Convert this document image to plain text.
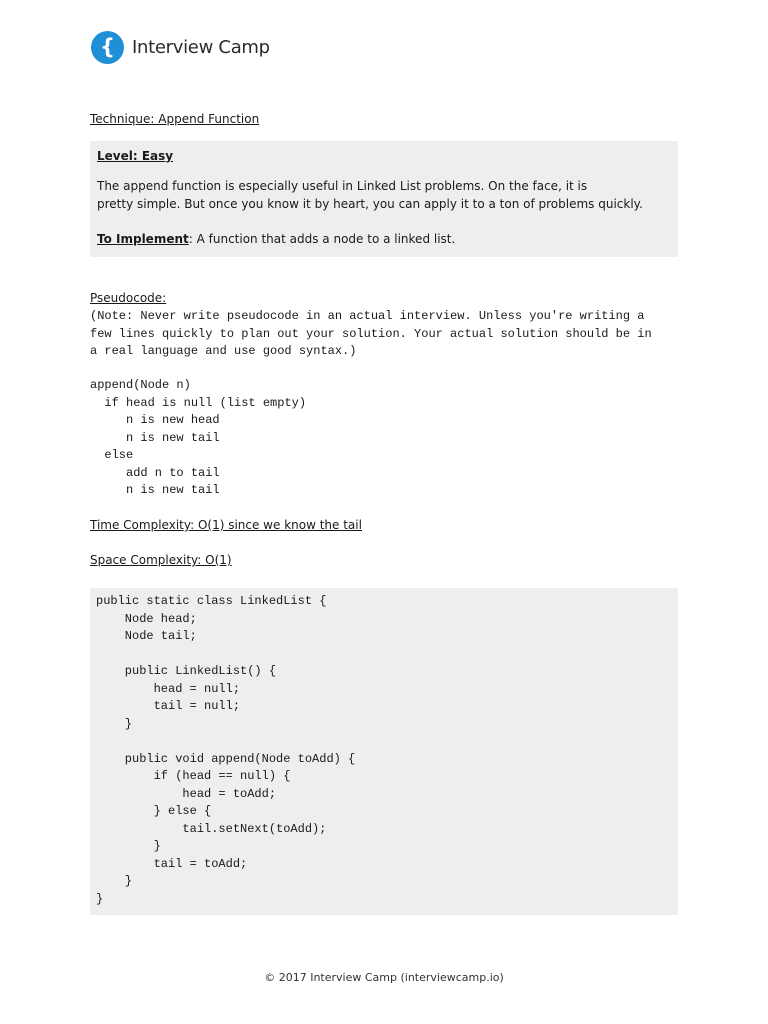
{ Interview Camp
Technique: Append Function
Level: Easy
The append function is especially useful in Linked List problems. On the face, it is
pretty simple. But once you know it by heart, you can apply it to a ton of problems quickly.
To Implement: A function that adds a node to a linked list.
Pseudocode:
(Note: Never write pseudocode in an actual interview. Unless you're writing a
few lines quickly to plan out your solution. Your actual solution should be in
a real language and use good syntax.)
append(Node n)
if head is null (list empty)
n is new head
n is new tail
else
add n to tail
n is new tail
Time Complexity: O(1) since we know the tail
Space Complexity: O(1)
public static class LinkedList {
Node head;
Node tail;

public LinkedList() {
head = null;
tail = null;
}

public void append(Node toAdd) {
if (head == null) {
head = toAdd;
} else {
tail.setNext(toAdd);
}
tail = toAdd;
}
}
© 2017 Interview Camp (interviewcamp.io)
